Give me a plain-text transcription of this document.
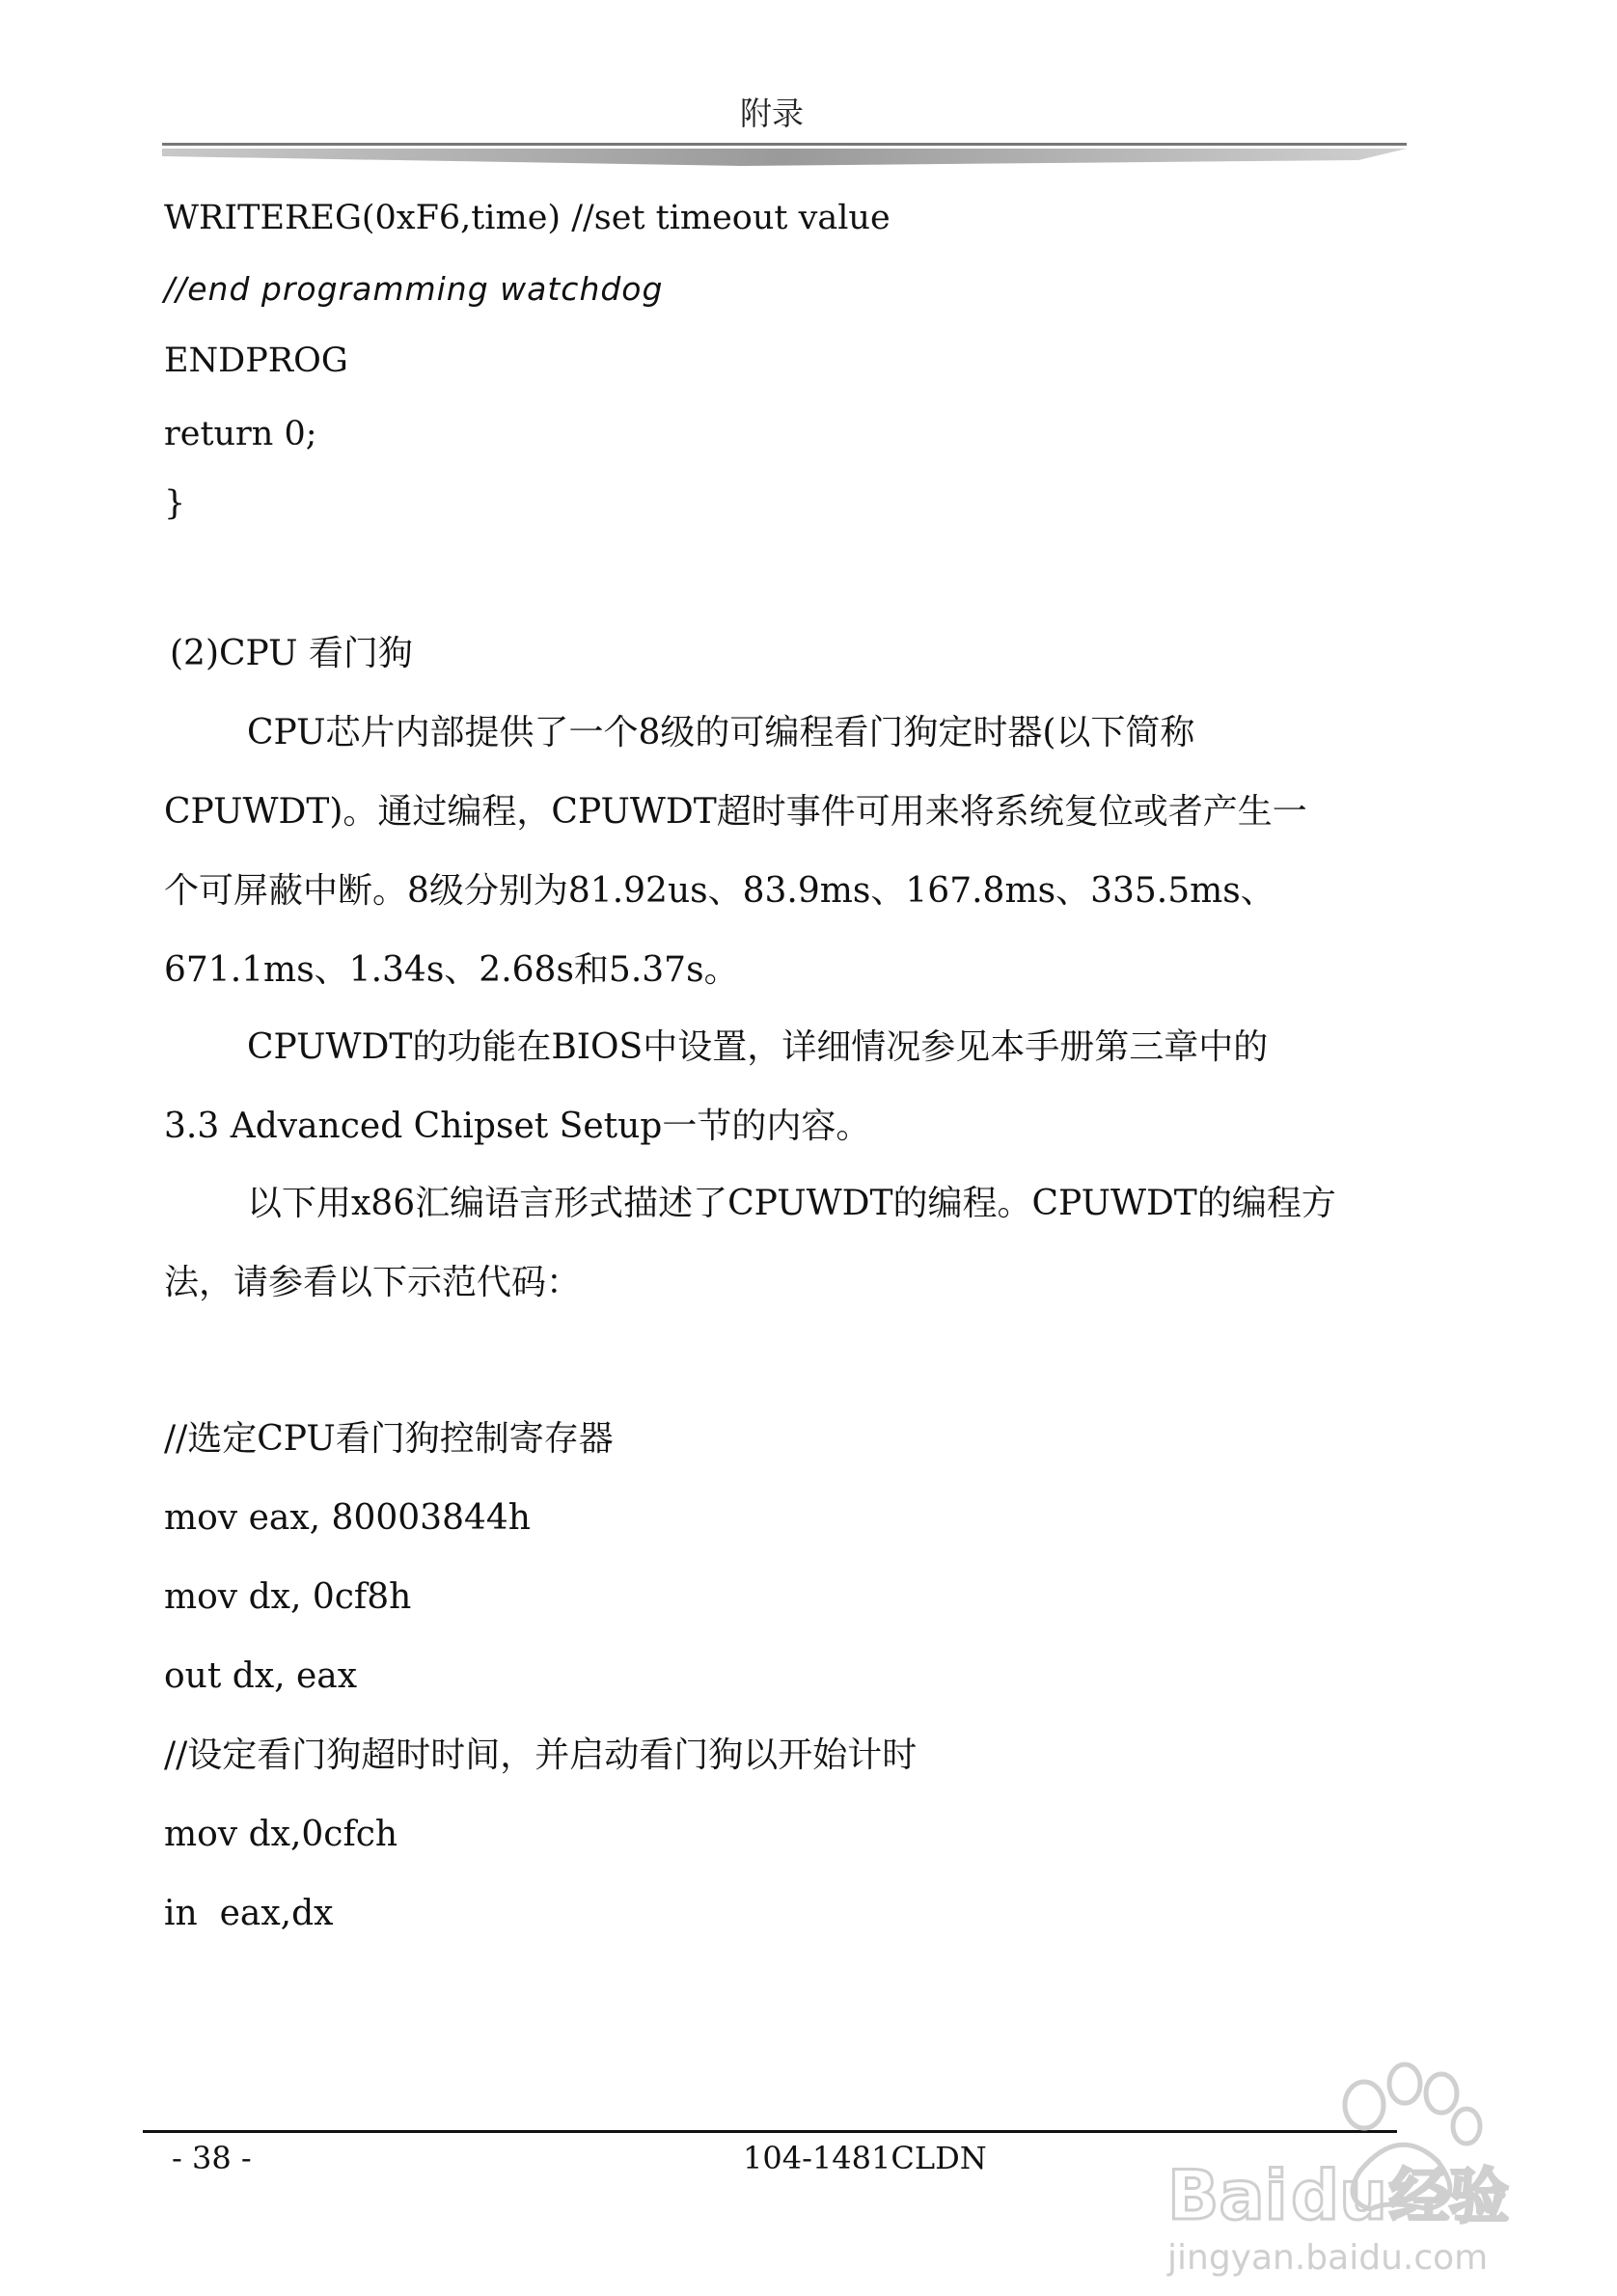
附录
WRITEREG(0xF6,time) //set timeout value
//end programming watchdog
ENDPROG
return 0;
}
(2)CPU 看门狗
CPU芯片内部提供了一个8级的可编程看门狗定时器(以下简称
CPUWDT)。通过编程，CPUWDT超时事件可用来将系统复位或者产生一
个可屏蔽中断。8级分别为81.92us、83.9ms、167.8ms、335.5ms、
671.1ms、1.34s、2.68s和5.37s。
CPUWDT的功能在BIOS中设置，详细情况参见本手册第三章中的
3.3 Advanced Chipset Setup一节的内容。
以下用x86汇编语言形式描述了CPUWDT的编程。CPUWDT的编程方
法，请参看以下示范代码：
//选定CPU看门狗控制寄存器
mov eax, 80003844h
mov dx, 0cf8h
out dx, eax
//设定看门狗超时时间，并启动看门狗以开始计时
mov dx,0cfch
in  eax,dx
- 38 -	104-1481CLDN	Bai du 经验
jingyan.baidu.com
